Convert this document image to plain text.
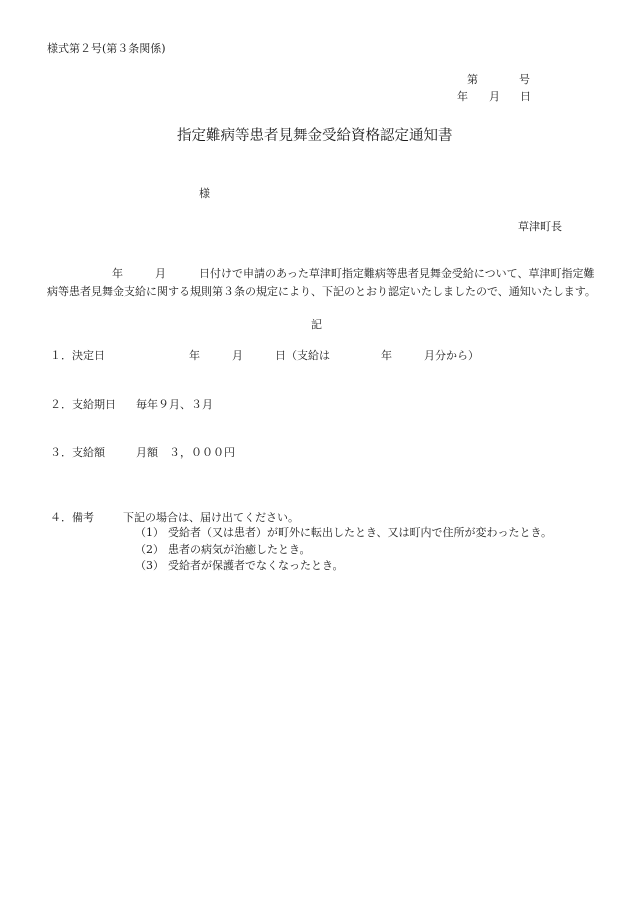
様式第２号(第３条関係)
第	号
年 月 日
指定難病等患者見舞金受給資格認定通知書
様
草津町長
年	月	日付けで申請のあった草津町指定難病等患者見舞金受給について、草津町指定難
病等患者見舞金支給に関する規則第３条の規定により、下記のとおり認定いたしましたので、通知いたします。
記
１．決定日	年	月	日（支給は	年	月分から）
２．支給期日 毎年９月、３月
３．支給額	月額　３，０００円
４．備考	下記の場合は、届け出てください。
（1） 受給者（又は患者）が町外に転出したとき、又は町内で住所が変わったとき。
（2） 患者の病気が治癒したとき。
（3） 受給者が保護者でなくなったとき。
